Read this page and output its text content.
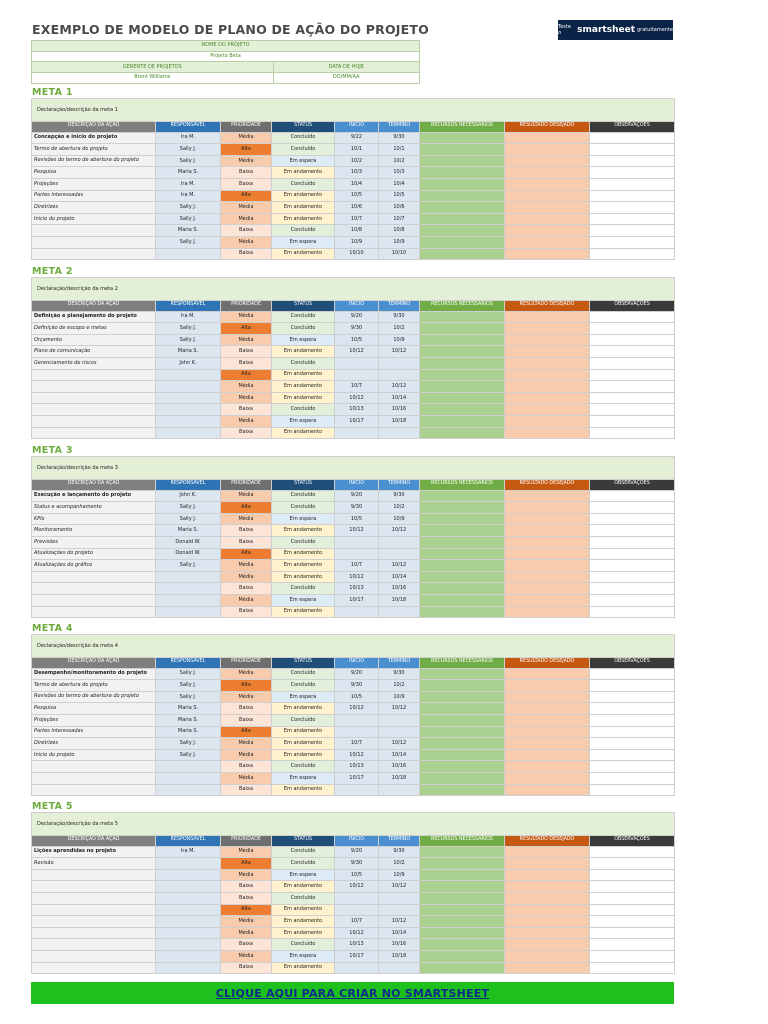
EXEMPLO DE MODELO DE PLANO DE AÇÃO DO PROJETO	Teste o	smartsheet gratuitamente
NOME DO PROJETO	
Projeto Beta	
GERENTE DE PROJETOS	DATA DE HOJE
Brent Williams	DD/MM/AA
META 1
Declaração/descrição da meta 1								
DESCRIÇÃO DA AÇÃO	RESPONSÁVEL	PRIORIDADE	STATUS	INÍCIO	TÉRMINO	RECURSOS NECESSÁRIOS	RESULTADO DESEJADO	OBSERVAÇÕES
Concepção e início do projeto	Ira M.	Média	Concluído	9/22	9/30			
Termo de abertura do projeto	Sally J.	Alta	Concluído	10/1	10/1			
Revisões do termo de abertura do projeto	Sally J.	Média	Em espera	10/2	10/2			
Pesquisa	Maria S.	Baixa	Em andamento	10/3	10/3			
Projeções	Ira M.	Baixa	Concluído	10/4	10/4			
Partes interessadas	Ira M.	Alta	Em andamento	10/5	10/5			
Diretrizes	Sally J.	Média	Em andamento	10/6	10/6			
Início do projeto	Sally J.	Média	Em andamento	10/7	10/7			
	Maria S.	Baixa	Concluído	10/8	10/8			
	Sally J.	Média	Em espera	10/9	10/9			
		Baixa	Em andamento	10/10	10/10			
META 2
Declaração/descrição da meta 2								
DESCRIÇÃO DA AÇÃO	RESPONSÁVEL	PRIORIDADE	STATUS	INÍCIO	TÉRMINO	RECURSOS NECESSÁRIOS	RESULTADO DESEJADO	OBSERVAÇÕES
Definição e planejamento do projeto	Ira M.	Média	Concluído	9/20	9/30			
Definição de escopo e metas	Sally J.	Alta	Concluído	9/30	10/2			
Orçamento	Sally J.	Média	Em espera	10/5	10/9			
Plano de comunicação	Maria S.	Baixa	Em andamento	10/12	10/12			
Gerenciamento de riscos	John K.	Baixa	Concluído					
		Alta	Em andamento					
		Média	Em andamento	10/7	10/12			
		Média	Em andamento	10/12	10/14			
		Baixa	Concluído	10/13	10/16			
		Média	Em espera	10/17	10/18			
		Baixa	Em andamento					
META 3
Declaração/descrição da meta 3								
DESCRIÇÃO DA AÇÃO	RESPONSÁVEL	PRIORIDADE	STATUS	INÍCIO	TÉRMINO	RECURSOS NECESSÁRIOS	RESULTADO DESEJADO	OBSERVAÇÕES
Execução e lançamento do projeto	John K.	Média	Concluído	9/20	9/30			
Status e acompanhamento	Sally J.	Alta	Concluído	9/30	10/2			
KPIs	Sally J.	Média	Em espera	10/5	10/9			
Monitoramento	Maria S.	Baixa	Em andamento	10/12	10/12			
Previsões	Donald W.	Baixa	Concluído					
Atualizações do projeto	Donald W.	Alta	Em andamento					
Atualizações do gráfico	Sally J.	Média	Em andamento	10/7	10/12			
		Média	Em andamento	10/12	10/14			
		Baixa	Concluído	10/13	10/16			
		Média	Em espera	10/17	10/18			
		Baixa	Em andamento					
META 4
Declaração/descrição da meta 4								
DESCRIÇÃO DA AÇÃO	RESPONSÁVEL	PRIORIDADE	STATUS	INÍCIO	TÉRMINO	RECURSOS NECESSÁRIOS	RESULTADO DESEJADO	OBSERVAÇÕES
Desempenho/monitoramento do projeto	Sally J.	Média	Concluído	9/20	9/30			
Termo de abertura do projeto	Sally J.	Alta	Concluído	9/30	10/2			
Revisões do termo de abertura do projeto	Sally J.	Média	Em espera	10/5	10/9			
Pesquisa	Maria S.	Baixa	Em andamento	10/12	10/12			
Projeções	Maria S.	Baixa	Concluído					
Partes interessadas	Maria S.	Alta	Em andamento					
Diretrizes	Sally J.	Média	Em andamento	10/7	10/12			
Início do projeto	Sally J.	Média	Em andamento	10/12	10/14			
		Baixa	Concluído	10/13	10/16			
		Média	Em espera	10/17	10/18			
		Baixa	Em andamento					
META 5
Declaração/descrição da meta 5								
DESCRIÇÃO DA AÇÃO	RESPONSÁVEL	PRIORIDADE	STATUS	INÍCIO	TÉRMINO	RECURSOS NECESSÁRIOS	RESULTADO DESEJADO	OBSERVAÇÕES
Lições aprendidas no projeto	Ira M.	Média	Concluído	9/20	9/30			
Revisão		Alta	Concluído	9/30	10/2			
		Média	Em espera	10/5	10/9			
		Baixa	Em andamento	10/12	10/12			
		Baixa	Concluído					
		Alta	Em andamento					
		Média	Em andamento	10/7	10/12			
		Média	Em andamento	10/12	10/14			
		Baixa	Concluído	10/13	10/16			
		Média	Em espera	10/17	10/18			
		Baixa	Em andamento					
CLIQUE AQUI PARA CRIAR NO SMARTSHEET
